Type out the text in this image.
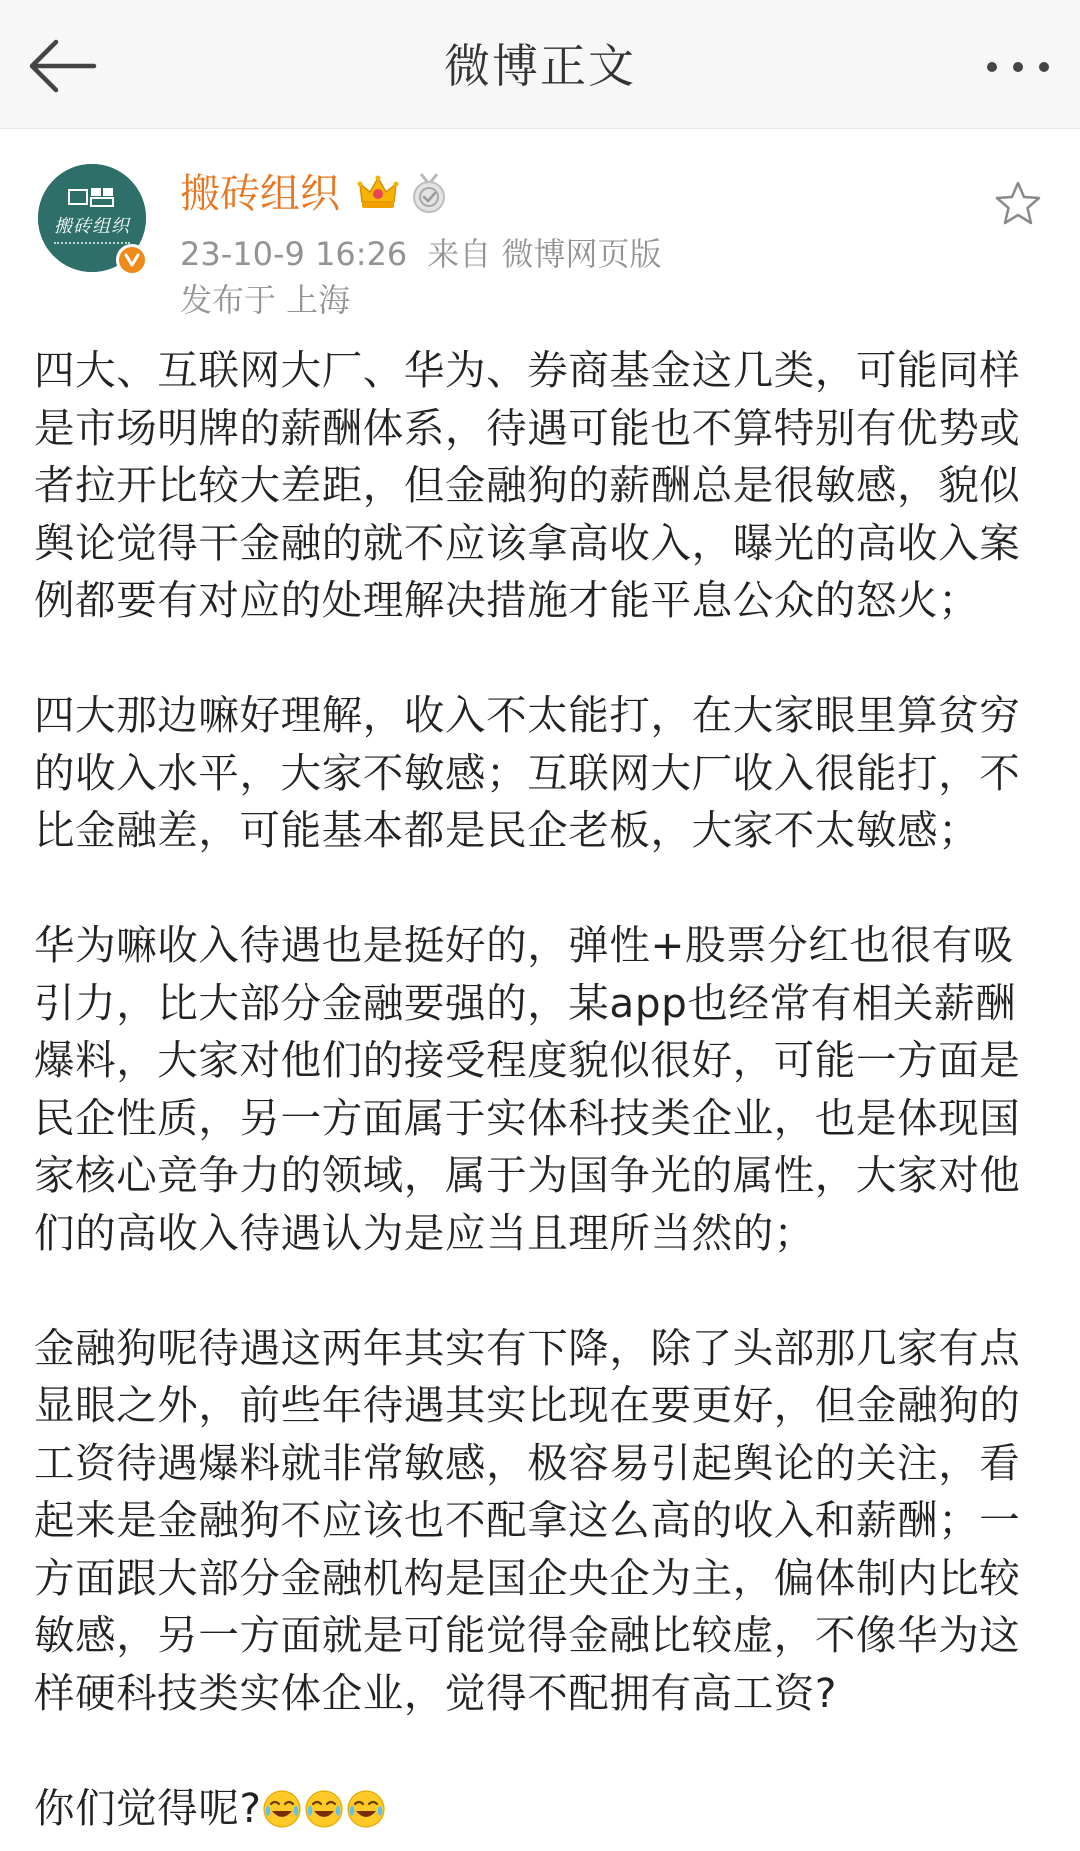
微博正文
搬砖组织
搬砖组织
23-10-9 16:26 来自 微博网页版
发布于 上海

四大、互联网大厂、华为、券商基金这几类，可能同样是市场明牌的薪酬体系，待遇可能也不算特别有优势或者拉开比较大差距，但金融狗的薪酬总是很敏感，貌似舆论觉得干金融的就不应该拿高收入，曝光的高收入案例都要有对应的处理解决措施才能平息公众的怒火；

四大那边嘛好理解，收入不太能打，在大家眼里算贫穷的收入水平，大家不敏感；互联网大厂收入很能打，不比金融差，可能基本都是民企老板，大家不太敏感；

华为嘛收入待遇也是挺好的，弹性+股票分红也很有吸引力，比大部分金融要强的，某app也经常有相关薪酬爆料，大家对他们的接受程度貌似很好，可能一方面是民企性质，另一方面属于实体科技类企业，也是体现国家核心竞争力的领域，属于为国争光的属性，大家对他们的高收入待遇认为是应当且理所当然的；

金融狗呢待遇这两年其实有下降，除了头部那几家有点显眼之外，前些年待遇其实比现在要更好，但金融狗的工资待遇爆料就非常敏感，极容易引起舆论的关注，看起来是金融狗不应该也不配拿这么高的收入和薪酬；一方面跟大部分金融机构是国企央企为主，偏体制内比较敏感，另一方面就是可能觉得金融比较虚，不像华为这样硬科技类实体企业，觉得不配拥有高工资?

你们觉得呢?
